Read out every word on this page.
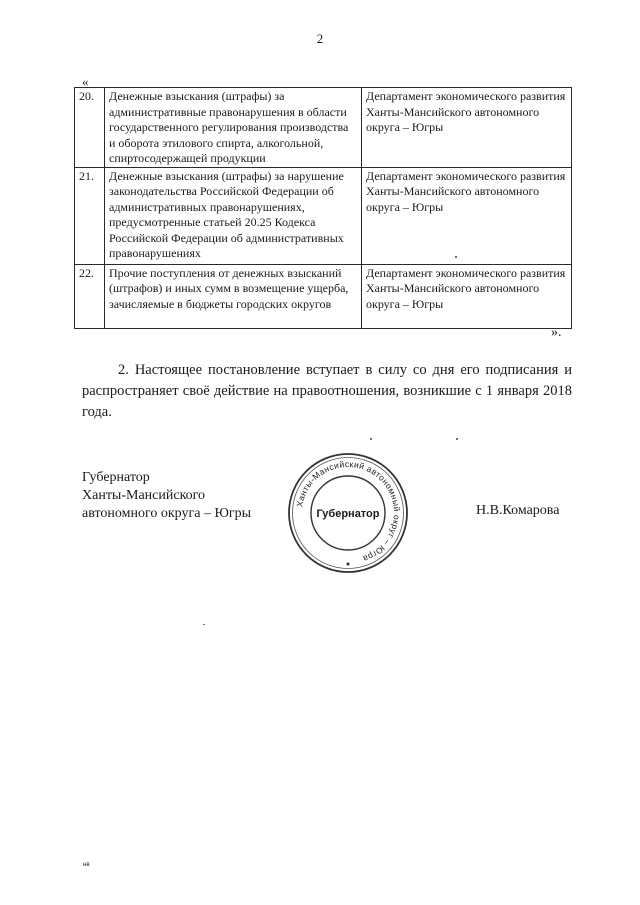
2
«
20.	Денежные взыскания (штрафы) за административные правонарушения в области государственного регулирования производства и оборота этилового спирта, алкогольной, спиртосодержащей продукции	Департамент экономического развития Ханты-Мансийского автономного округа – Югры
21.	Денежные взыскания (штрафы) за нарушение законодательства Российской Федерации об административных правонарушениях, предусмотренные статьей 20.25 Кодекса Российской Федерации об административных правонарушениях	Департамент экономического развития Ханты-Мансийского автономного округа – Югры
22.	Прочие поступления от денежных взысканий (штрафов) и иных сумм в возмещение ущерба, зачисляемые в бюджеты городских округов	Департамент экономического развития Ханты-Мансийского автономного округа – Югры
».
2. Настоящее постановление вступает в силу со дня его подписания и распространяет своё действие на правоотношения, возникшие с 1 января 2018 года.
Губернатор
Ханты-Мансийского
автономного округа – Югры	Н.В.Комарова
Ханты-Мансийский автономный округ – Югра
Губернатор
нв
